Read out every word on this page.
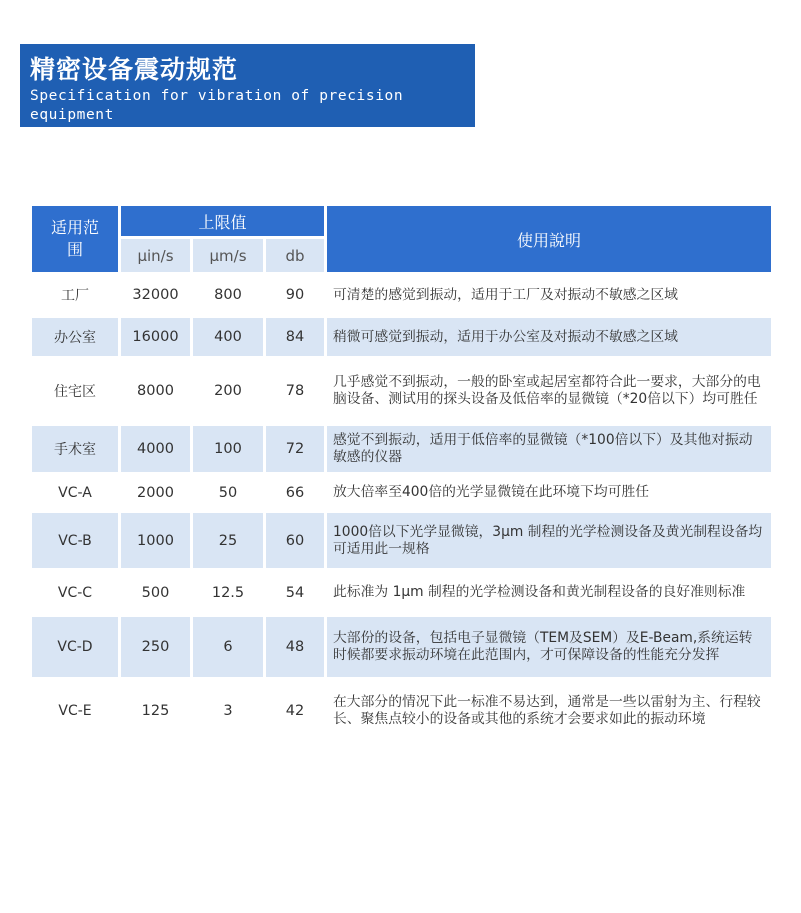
精密设备震动规范
Specification for vibration of precision equipment
适用范围	上限值			使用說明
	μin/s	μm/s	db	
工厂	32000	800	90	可清楚的感觉到振动，适用于工厂及对振动不敏感之区域
办公室	16000	400	84	稍微可感觉到振动，适用于办公室及对振动不敏感之区域
住宅区	8000	200	78	几乎感觉不到振动，一般的卧室或起居室都符合此一要求，大部分的电脑设备、测试用的探头设备及低倍率的显微镜（*20倍以下）均可胜任
手术室	4000	100	72	感觉不到振动，适用于低倍率的显微镜（*100倍以下）及其他对振动敏感的仪器
VC-A	2000	50	66	放大倍率至400倍的光学显微镜在此环境下均可胜任
VC-B	1000	25	60	1000倍以下光学显微镜，3μm 制程的光学检测设备及黄光制程设备均可适用此一规格
VC-C	500	12.5	54	此标准为 1μm 制程的光学检测设备和黄光制程设备的良好准则标准
VC-D	250	6	48	大部份的设备，包括电子显微镜（TEM及SEM）及E-Beam,系统运转时候都要求振动环境在此范围内，才可保障设备的性能充分发挥
VC-E	125	3	42	在大部分的情况下此一标准不易达到，通常是一些以雷射为主、行程较长、聚焦点较小的设备或其他的系统才会要求如此的振动环境
